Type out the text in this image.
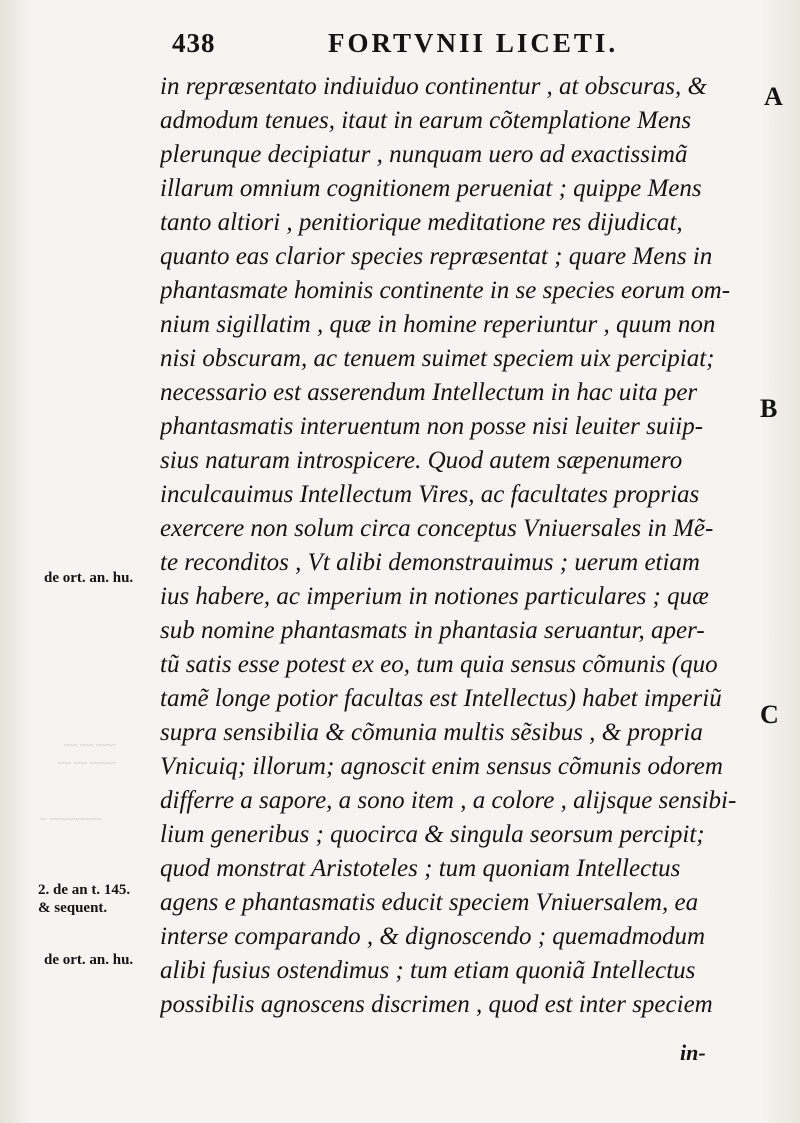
438	FORTVNII LICETI.
in repræsentato indiuiduo continentur , at obscuras, &
admodum tenues, itaut in earum cõtemplatione Mens
plerunque decipiatur , nunquam uero ad exactissimã
illarum omnium cognitionem perueniat ; quippe Mens
tanto altiori , penitiorique meditatione res dijudicat,
quanto eas clarior species repræsentat ; quare Mens in
phantasmate hominis continente in se species eorum om-
nium sigillatim , quæ in homine reperiuntur , quum non
nisi obscuram, ac tenuem suimet speciem uix percipiat;
necessario est asserendum Intellectum in hac uita per
phantasmatis interuentum non posse nisi leuiter suiip-
sius naturam introspicere. Quod autem sæpenumero
inculcauimus Intellectum Vires, ac facultates proprias
exercere non solum circa conceptus Vniuersales in Mẽ-
te reconditos , Vt alibi demonstrauimus ; uerum etiam
ius habere, ac imperium in notiones particulares ; quæ
sub nomine phantasmats in phantasia seruantur, aper-
tũ satis esse potest ex eo, tum quia sensus cõmunis (quo
tamẽ longe potior facultas est Intellectus) habet imperiũ
supra sensibilia & cõmunia multis sẽsibus , & propria
Vnicuiq; illorum; agnoscit enim sensus cõmunis odorem
differre a sapore, a sono item , a colore , alijsque sensibi-
lium generibus ; quocirca & singula seorsum percipit;
quod monstrat Aristoteles ; tum quoniam Intellectus
agens e phantasmatis educit speciem Vniuersalem, ea
interse comparando , & dignoscendo ; quemadmodum
alibi fusius ostendimus ; tum etiam quoniã Intellectus
possibilis agnoscens discrimen , quod est inter speciem
de ort. an. hu.
2. de an t. 145.
& sequent.
de ort. an. hu.
A
B
C
~~~ ~~ ~~
~~~~ ~~ ~~
~~~~~~~~ ~
in-
